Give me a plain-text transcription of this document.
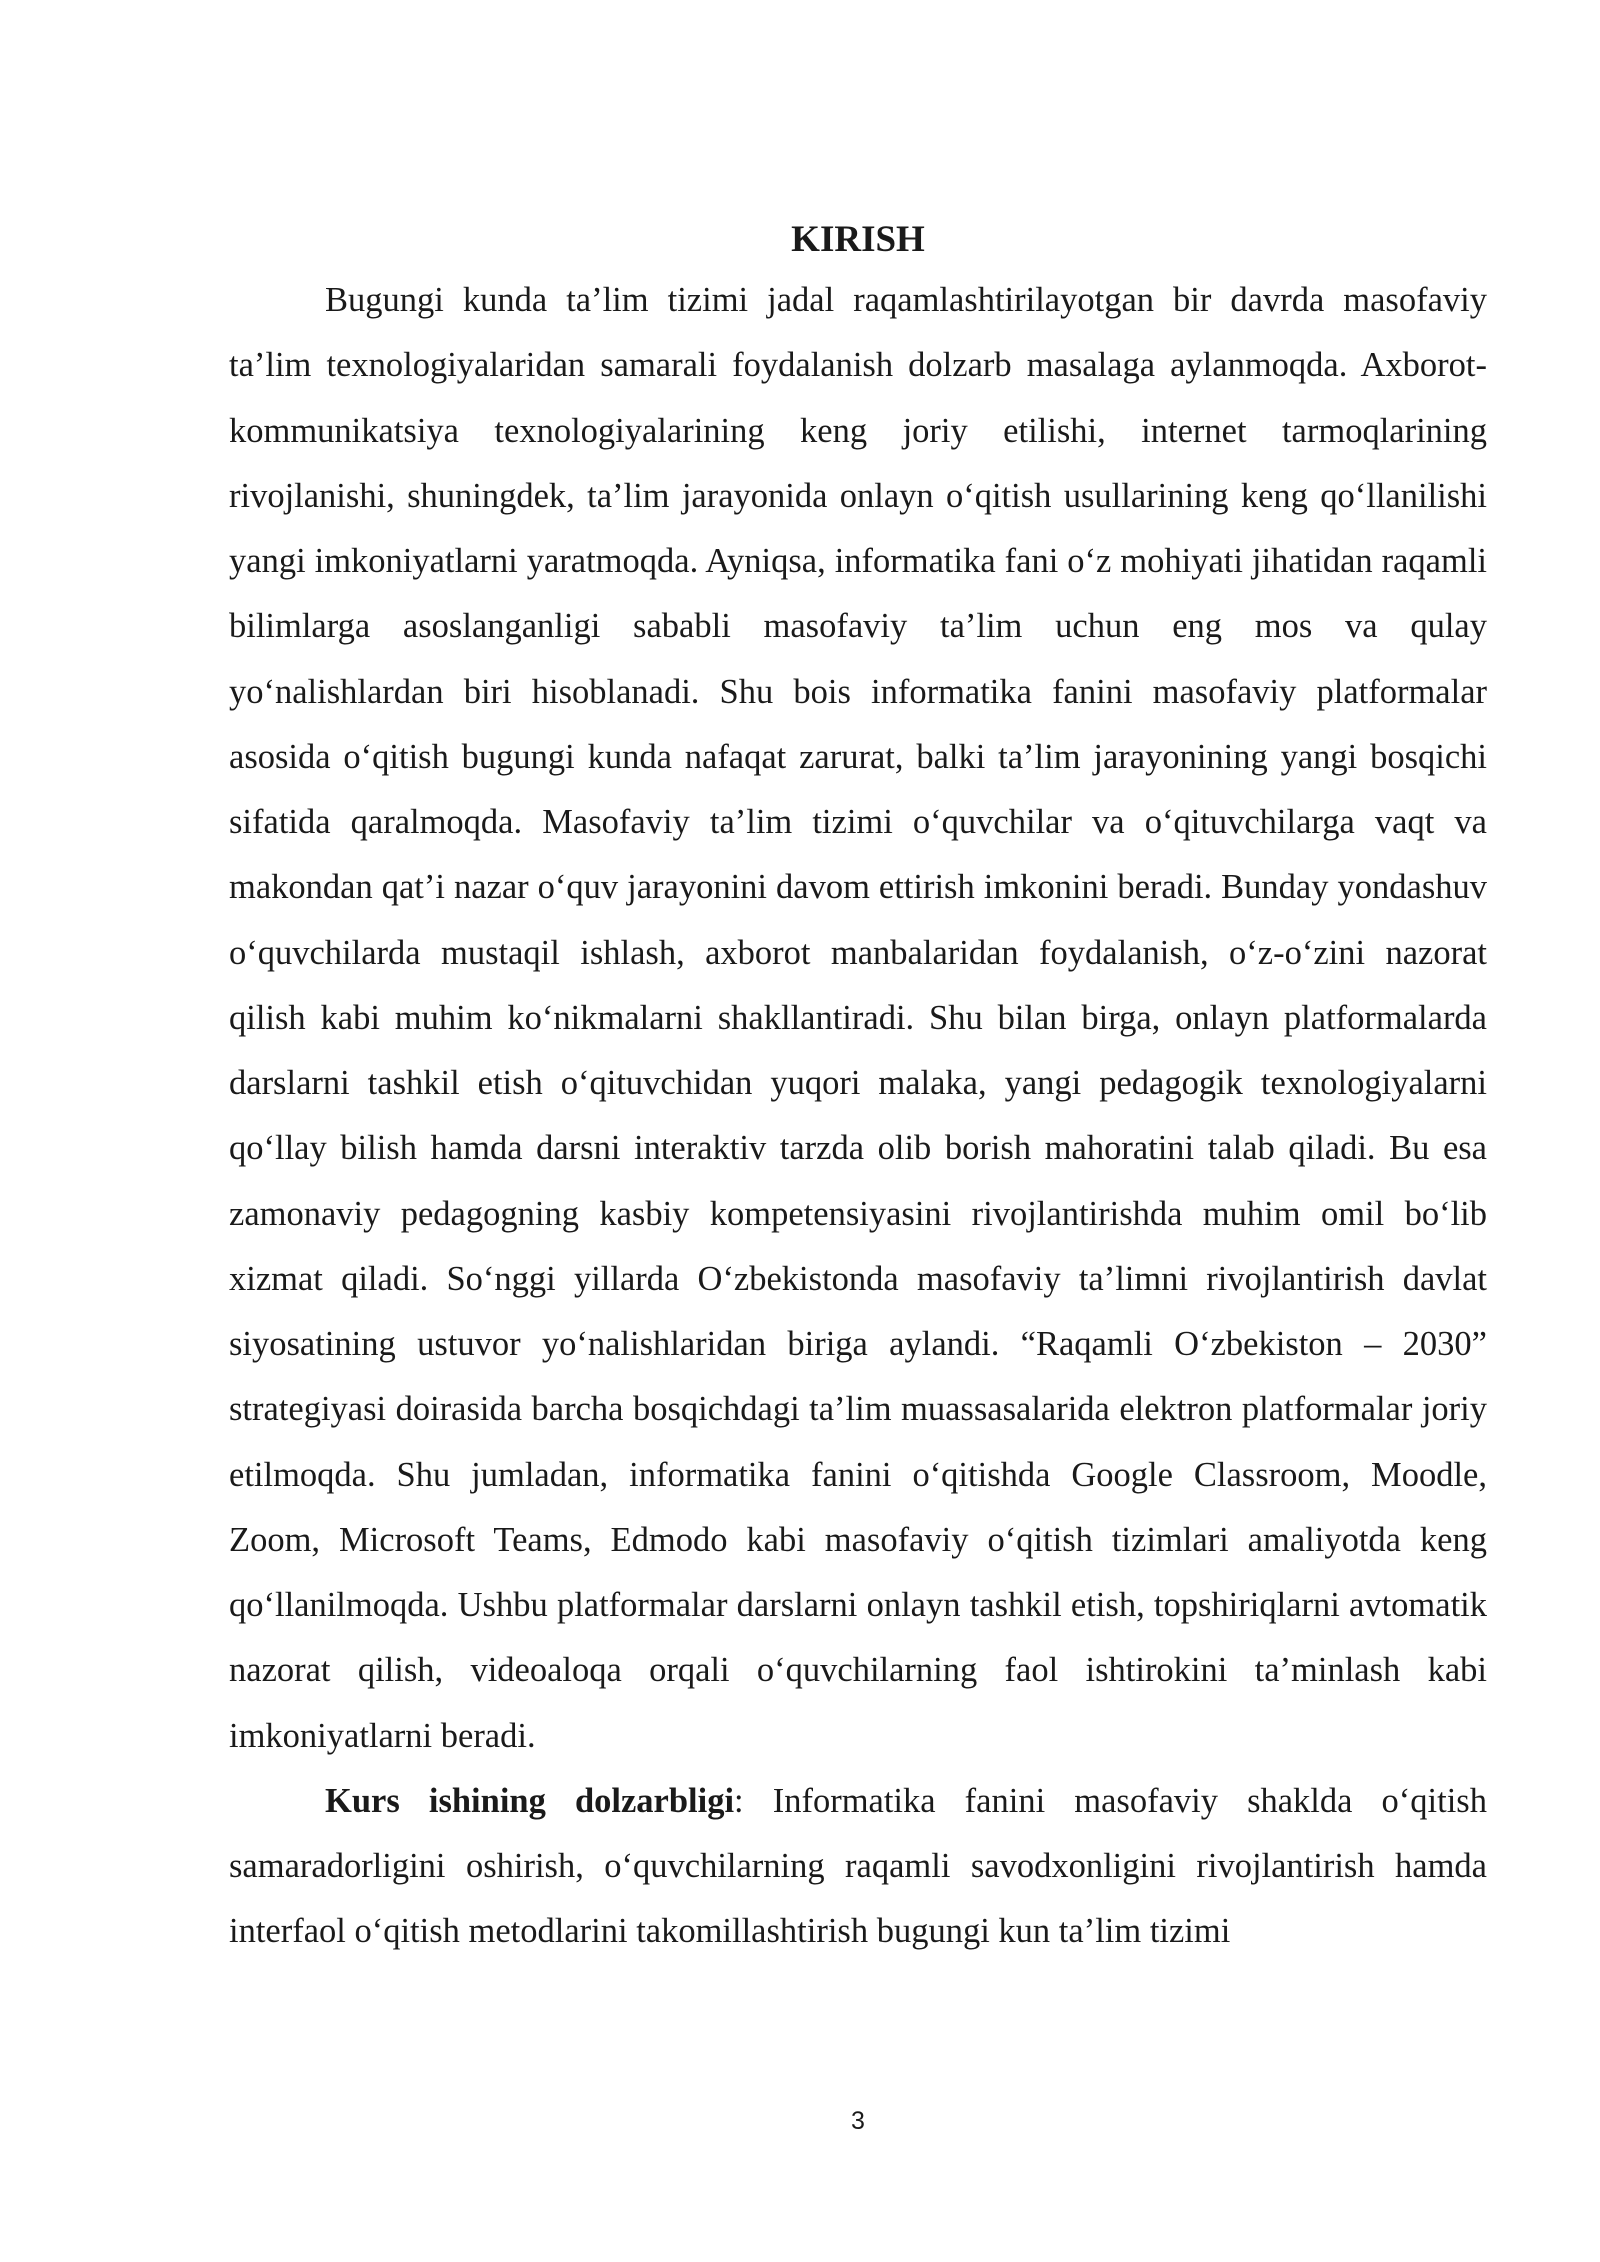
KIRISH

Bugungi kunda ta’lim tizimi jadal raqamlashtirilayotgan bir davrda masofaviy ta’lim texnologiyalaridan samarali foydalanish dolzarb masalaga aylanmoqda. Axborot-kommunikatsiya texnologiyalarining keng joriy etilishi, internet tarmoqlarining rivojlanishi, shuningdek, ta’lim jarayonida onlayn o‘qitish usullarining keng qo‘llanilishi yangi imkoniyatlarni yaratmoqda. Ayniqsa, informatika fani o‘z mohiyati jihatidan raqamli bilimlarga asoslanganligi sababli masofaviy ta’lim uchun eng mos va qulay yo‘nalishlardan biri hisoblanadi. Shu bois informatika fanini masofaviy platformalar asosida o‘qitish bugungi kunda nafaqat zarurat, balki ta’lim jarayonining yangi bosqichi sifatida qaralmoqda. Masofaviy ta’lim tizimi o‘quvchilar va o‘qituvchilarga vaqt va makondan qat’i nazar o‘quv jarayonini davom ettirish imkonini beradi. Bunday yondashuv o‘quvchilarda mustaqil ishlash, axborot manbalaridan foydalanish, o‘z-o‘zini nazorat qilish kabi muhim ko‘nikmalarni shakllantiradi. Shu bilan birga, onlayn platformalarda darslarni tashkil etish o‘qituvchidan yuqori malaka, yangi pedagogik texnologiyalarni qo‘llay bilish hamda darsni interaktiv tarzda olib borish mahoratini talab qiladi. Bu esa zamonaviy pedagogning kasbiy kompetensiyasini rivojlantirishda muhim omil bo‘lib xizmat qiladi. So‘nggi yillarda O‘zbekistonda masofaviy ta’limni rivojlantirish davlat siyosatining ustuvor yo‘nalishlaridan biriga aylandi. “Raqamli O‘zbekiston – 2030” strategiyasi doirasida barcha bosqichdagi ta’lim muassasalarida elektron platformalar joriy etilmoqda. Shu jumladan, informatika fanini o‘qitishda Google Classroom, Moodle, Zoom, Microsoft Teams, Edmodo kabi masofaviy o‘qitish tizimlari amaliyotda keng qo‘llanilmoqda. Ushbu platformalar darslarni onlayn tashkil etish, topshiriqlarni avtomatik nazorat qilish, videoaloqa orqali o‘quvchilarning faol ishtirokini ta’minlash kabi imkoniyatlarni beradi.

Kurs ishining dolzarbligi: Informatika fanini masofaviy shaklda o‘qitish samaradorligini oshirish, o‘quvchilarning raqamli savodxonligini rivojlantirish hamda interfaol o‘qitish metodlarini takomillashtirish bugungi kun ta’lim tizimi

3
